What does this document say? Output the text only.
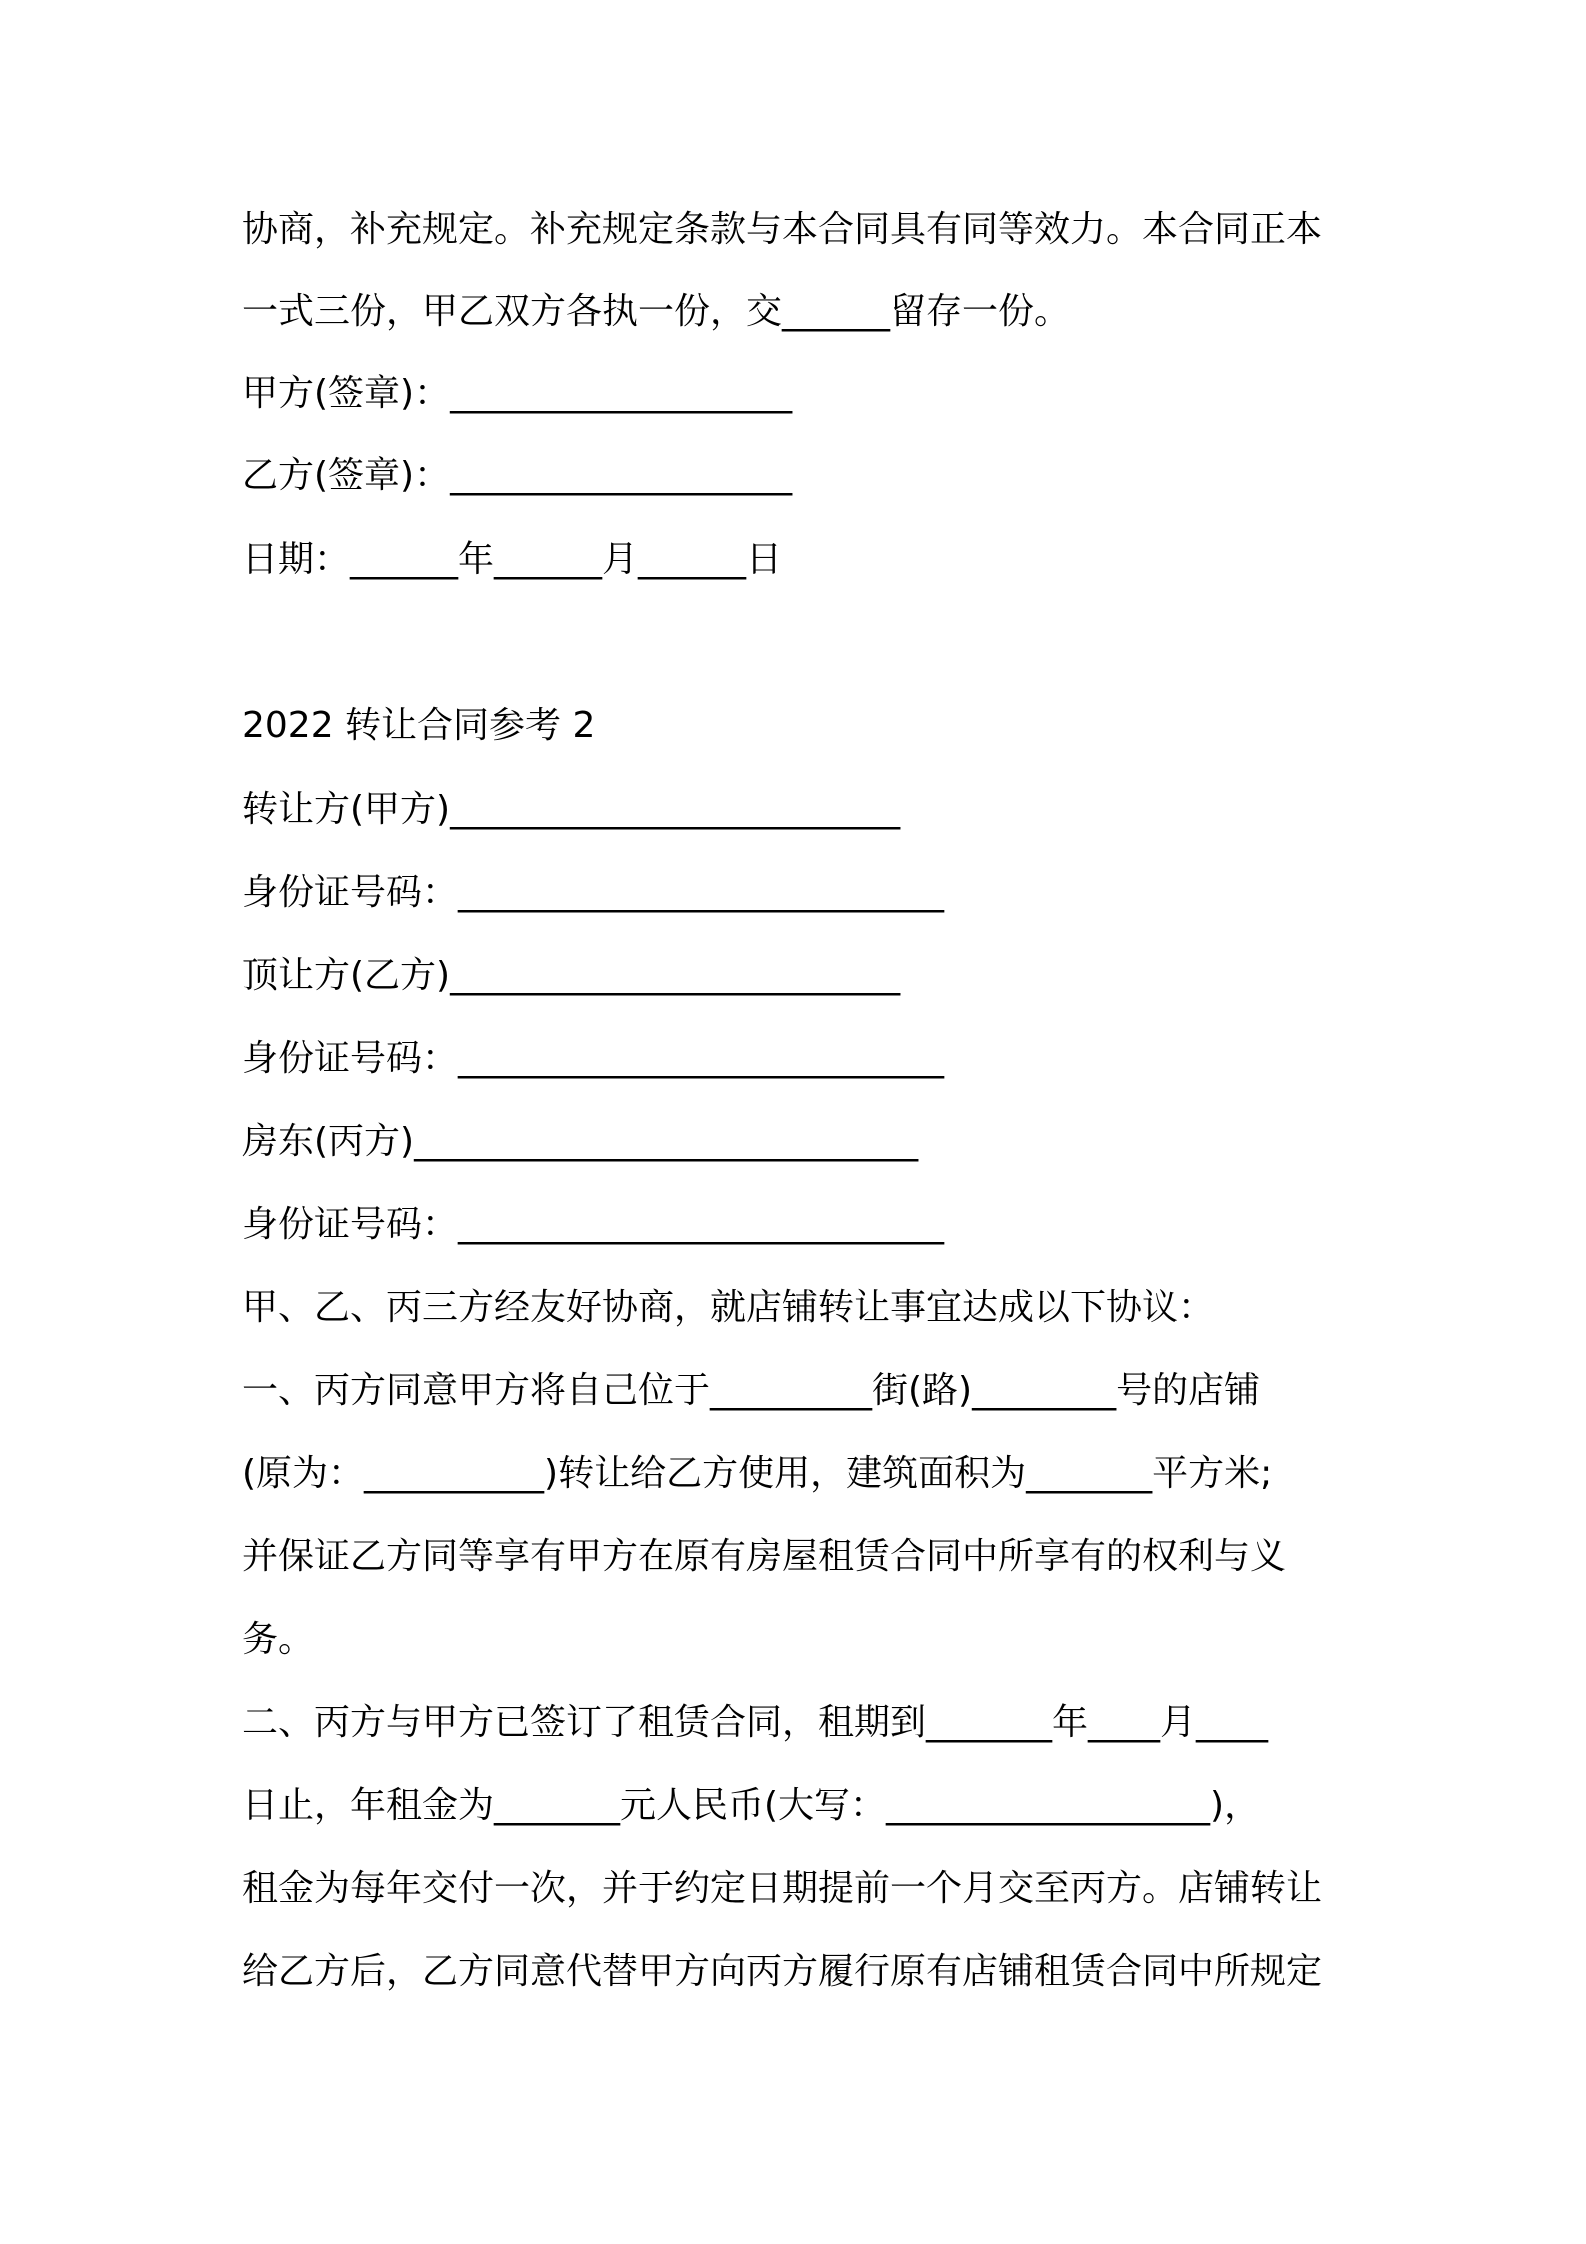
协商，补充规定。补充规定条款与本合同具有同等效力。本合同正本
一式三份，甲乙双方各执一份，交______留存一份。
甲方(签章)：___________________
乙方(签章)：___________________
日期：______年______月______日
2022 转让合同参考 2
转让方(甲方)_________________________
身份证号码：___________________________
顶让方(乙方)_________________________
身份证号码：___________________________
房东(丙方)____________________________
身份证号码：___________________________
甲、乙、丙三方经友好协商，就店铺转让事宜达成以下协议：
一、丙方同意甲方将自己位于_________街(路)________号的店铺
(原为：__________)转让给乙方使用，建筑面积为_______平方米;
并保证乙方同等享有甲方在原有房屋租赁合同中所享有的权利与义
务。
二、丙方与甲方已签订了租赁合同，租期到_______年____月____
日止，年租金为_______元人民币(大写：__________________)，
租金为每年交付一次，并于约定日期提前一个月交至丙方。店铺转让
给乙方后，乙方同意代替甲方向丙方履行原有店铺租赁合同中所规定
